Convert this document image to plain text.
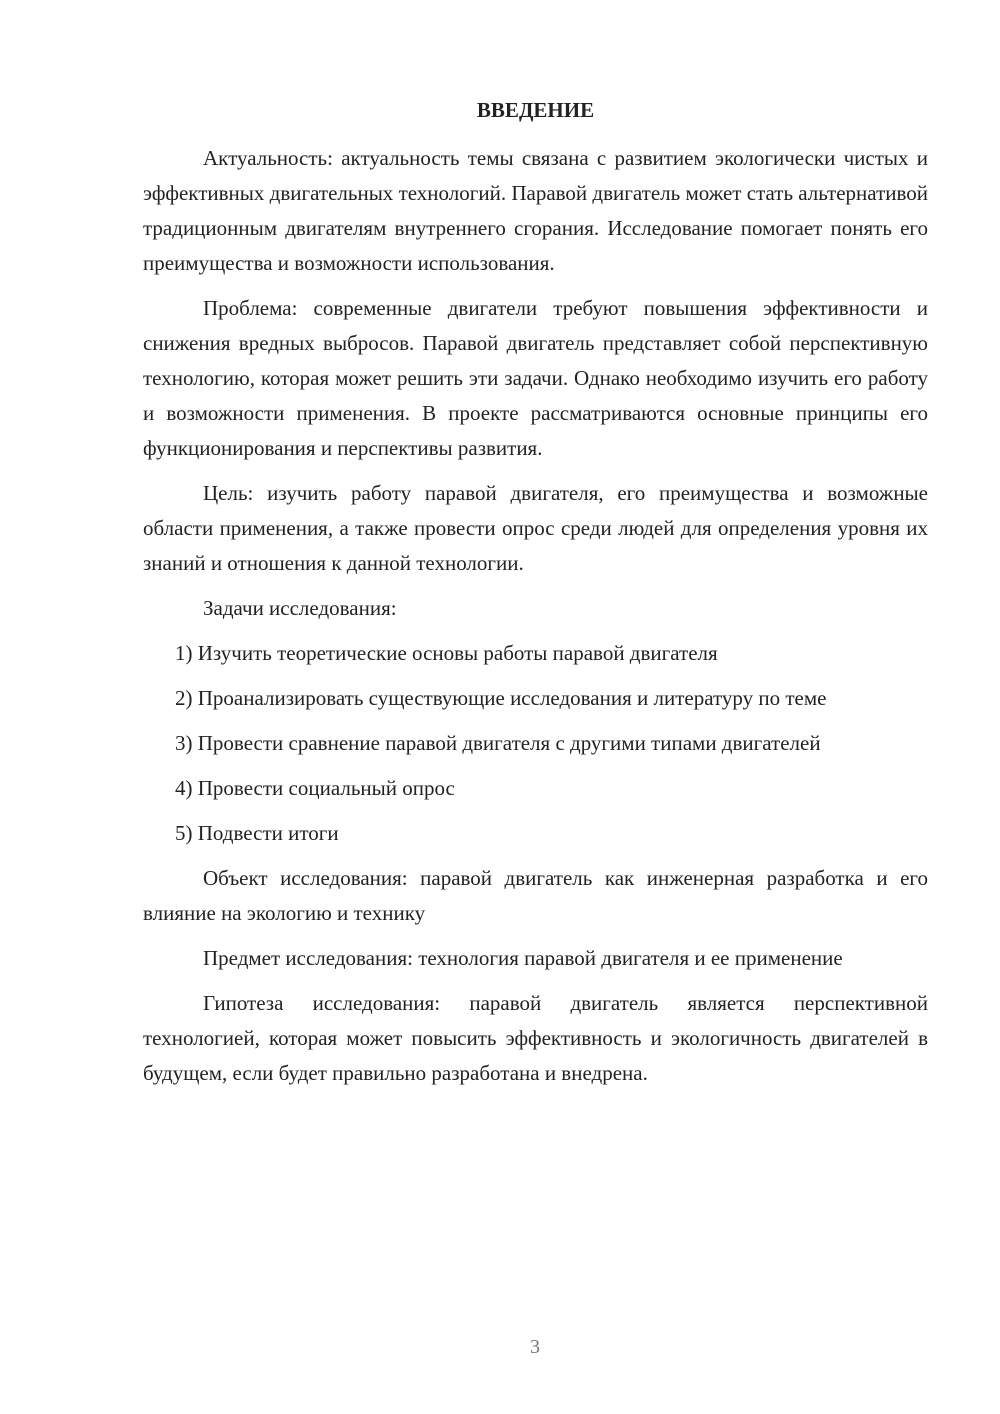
ВВЕДЕНИЕ

Актуальность: актуальность темы связана с развитием экологически чистых и эффективных двигательных технологий. Паравой двигатель может стать альтернативой традиционным двигателям внутреннего сгорания. Исследование помогает понять его преимущества и возможности использования.

Проблема: современные двигатели требуют повышения эффективности и снижения вредных выбросов. Паравой двигатель представляет собой перспективную технологию, которая может решить эти задачи. Однако необходимо изучить его работу и возможности применения. В проекте рассматриваются основные принципы его функционирования и перспективы развития.

Цель: изучить работу паравой двигателя, его преимущества и возможные области применения, а также провести опрос среди людей для определения уровня их знаний и отношения к данной технологии.

Задачи исследования:

1) Изучить теоретические основы работы паравой двигателя

2) Проанализировать существующие исследования и литературу по теме

3) Провести сравнение паравой двигателя с другими типами двигателей

4) Провести социальный опрос

5) Подвести итоги

Объект исследования: паравой двигатель как инженерная разработка и его влияние на экологию и технику

Предмет исследования: технология паравой двигателя и ее применение

Гипотеза исследования: паравой двигатель является перспективной технологией, которая может повысить эффективность и экологичность двигателей в будущем, если будет правильно разработана и внедрена.

3
